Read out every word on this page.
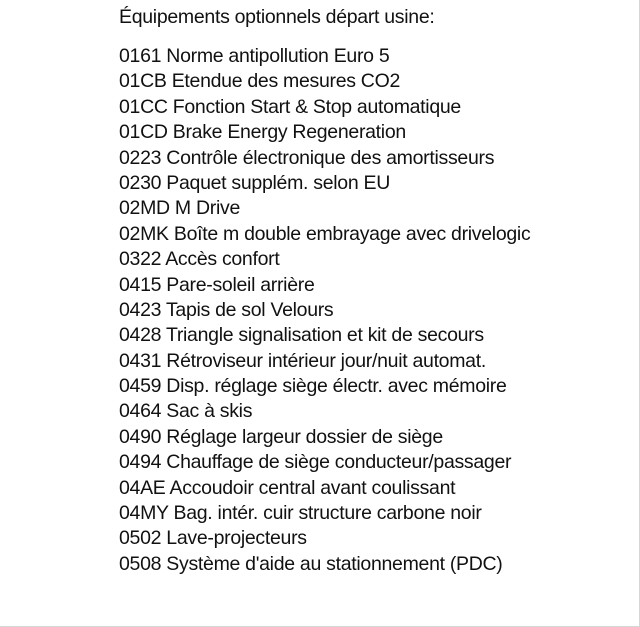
Équipements optionnels départ usine:
0161 Norme antipollution Euro 5
01CB Etendue des mesures CO2
01CC Fonction Start & Stop automatique
01CD Brake Energy Regeneration
0223 Contrôle électronique des amortisseurs
0230 Paquet supplém. selon EU
02MD M Drive
02MK Boîte m double embrayage avec drivelogic
0322 Accès confort
0415 Pare-soleil arrière
0423 Tapis de sol Velours
0428 Triangle signalisation et kit de secours
0431 Rétroviseur intérieur jour/nuit automat.
0459 Disp. réglage siège électr. avec mémoire
0464 Sac à skis
0490 Réglage largeur dossier de siège
0494 Chauffage de siège conducteur/passager
04AE Accoudoir central avant coulissant
04MY Bag. intér. cuir structure carbone noir
0502 Lave-projecteurs
0508 Système d'aide au stationnement (PDC)
